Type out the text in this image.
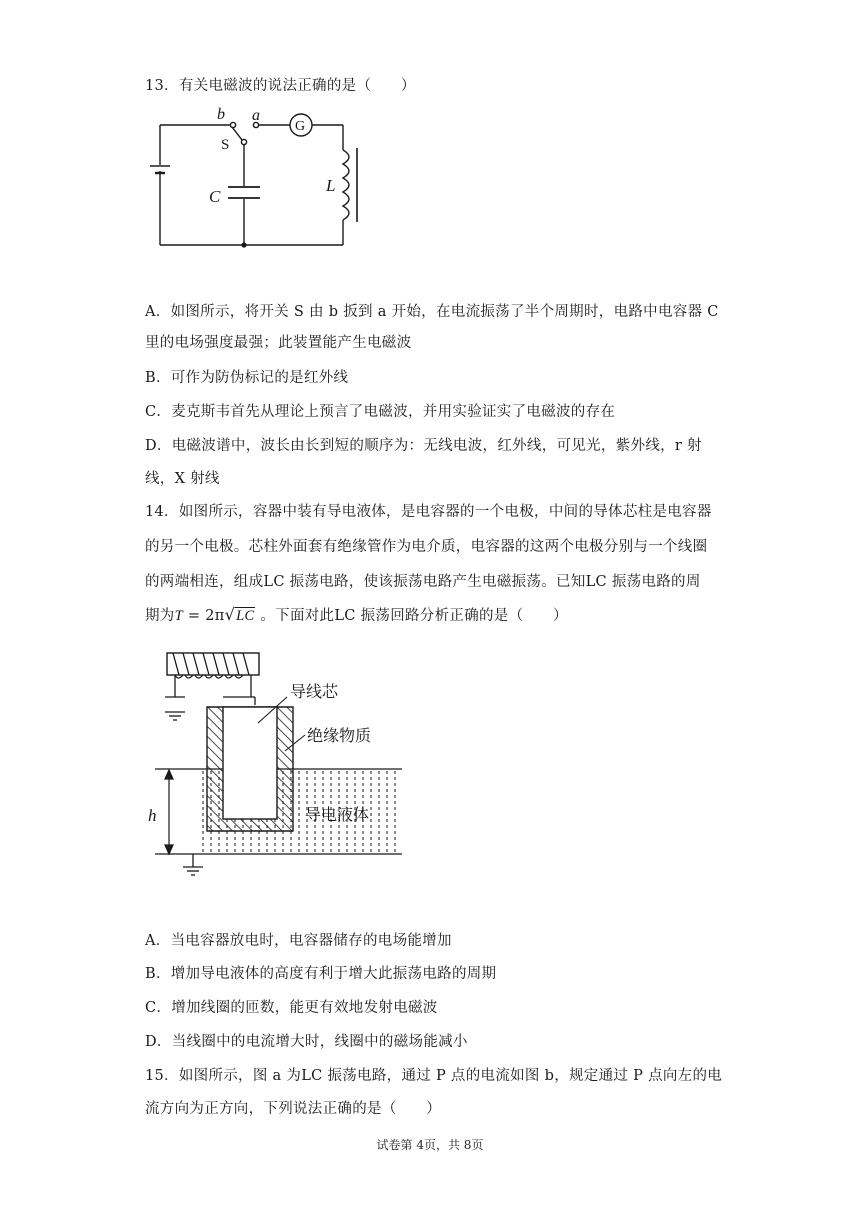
13．有关电磁波的说法正确的是（　　）
b a
S
G
C
L
A．如图所示，将开关 S 由 b 扳到 a 开始，在电流振荡了半个周期时，电路中电容器 C
里的电场强度最强；此装置能产生电磁波
B．可作为防伪标记的是红外线
C．麦克斯韦首先从理论上预言了电磁波，并用实验证实了电磁波的存在
D．电磁波谱中，波长由长到短的顺序为：无线电波，红外线，可见光，紫外线，r 射
线，X 射线
14．如图所示，容器中装有导电液体，是电容器的一个电极，中间的导体芯柱是电容器
的另一个电极。芯柱外面套有绝缘管作为电介质，电容器的这两个电极分别与一个线圈
的两端相连，组成LC 振荡电路，使该振荡电路产生电磁振荡。已知LC 振荡电路的周
期为T = 2π√LC 。下面对此LC 振荡回路分析正确的是（　　）
导线芯
绝缘物质
导电液体
h
A．当电容器放电时，电容器储存的电场能增加
B．增加导电液体的高度有利于增大此振荡电路的周期
C．增加线圈的匝数，能更有效地发射电磁波
D．当线圈中的电流增大时，线圈中的磁场能减小
15．如图所示，图 a 为LC 振荡电路，通过 P 点的电流如图 b，规定通过 P 点向左的电
流方向为正方向，下列说法正确的是（　　）
试卷第 4页，共 8页
